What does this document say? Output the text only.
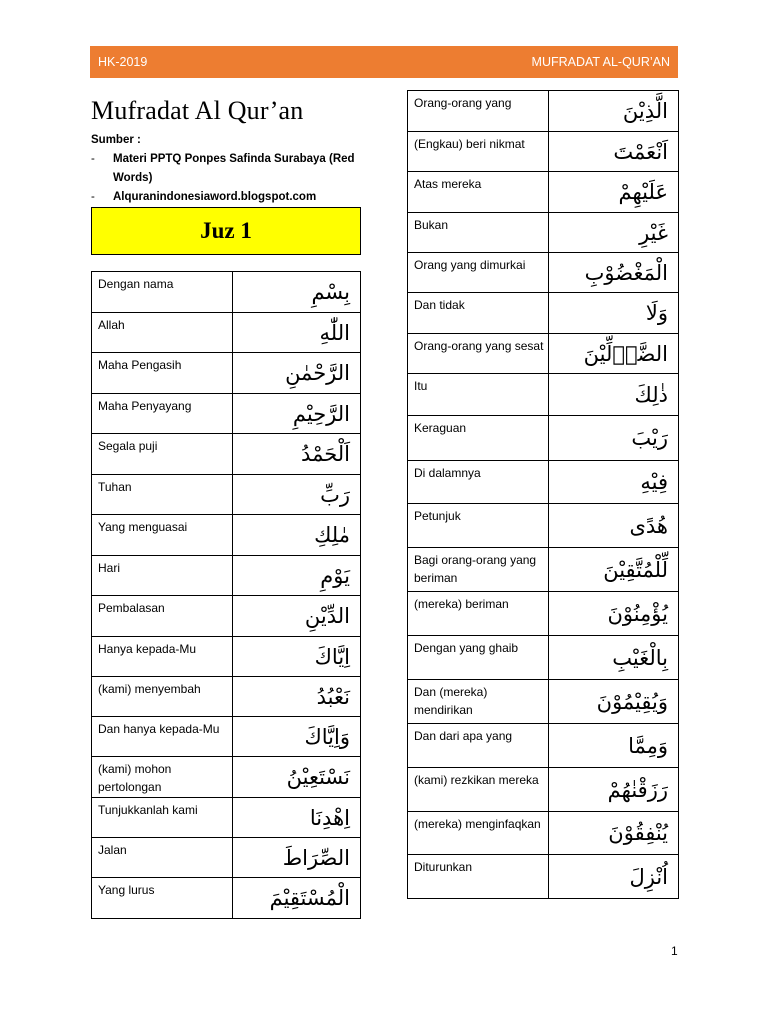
HK-2019	MUFRADAT AL-QUR’AN
Mufradat Al Qur’an
Sumber :
- Materi PPTQ Ponpes Safinda Surabaya (Red Words)
- Alquranindonesiaword.blogspot.com
Juz 1
Dengan nama	بِسْمِ
Allah	اللّٰهِ
Maha Pengasih	الرَّحْمٰنِ
Maha Penyayang	الرَّحِيْمِ
Segala puji	اَلْحَمْدُ
Tuhan	رَبِّ
Yang menguasai	مٰلِكِ
Hari	يَوْمِ
Pembalasan	الدِّيْنِ
Hanya kepada-Mu	اِيَّاكَ
(kami) menyembah	نَعْبُدُ
Dan hanya kepada-Mu	وَاِيَّاكَ
(kami) mohon pertolongan	نَسْتَعِيْنُ
Tunjukkanlah kami	اِهْدِنَا
Jalan	الصِّرَاطَ
Yang lurus	الْمُسْتَقِيْمَ
Orang-orang yang	الَّذِيْنَ
(Engkau) beri nikmat	اَنْعَمْتَ
Atas mereka	عَلَيْهِمْ
Bukan	غَيْرِ
Orang yang dimurkai	الْمَغْضُوْبِ
Dan tidak	وَلَا
Orang-orang yang sesat	الضَّاۤلِّيْنَ
Itu	ذٰلِكَ
Keraguan	رَيْبَ
Di dalamnya	فِيْهِ
Petunjuk	هُدًى
Bagi orang-orang yang beriman	لِّلْمُتَّقِيْنَ
(mereka) beriman	يُؤْمِنُوْنَ
Dengan yang ghaib	بِالْغَيْبِ
Dan (mereka) mendirikan	وَيُقِيْمُوْنَ
Dan dari apa yang	وَمِمَّا
(kami) rezkikan mereka	رَزَقْنٰهُمْ
(mereka) menginfaqkan	يُنْفِقُوْنَ
Diturunkan	اُنْزِلَ
1
